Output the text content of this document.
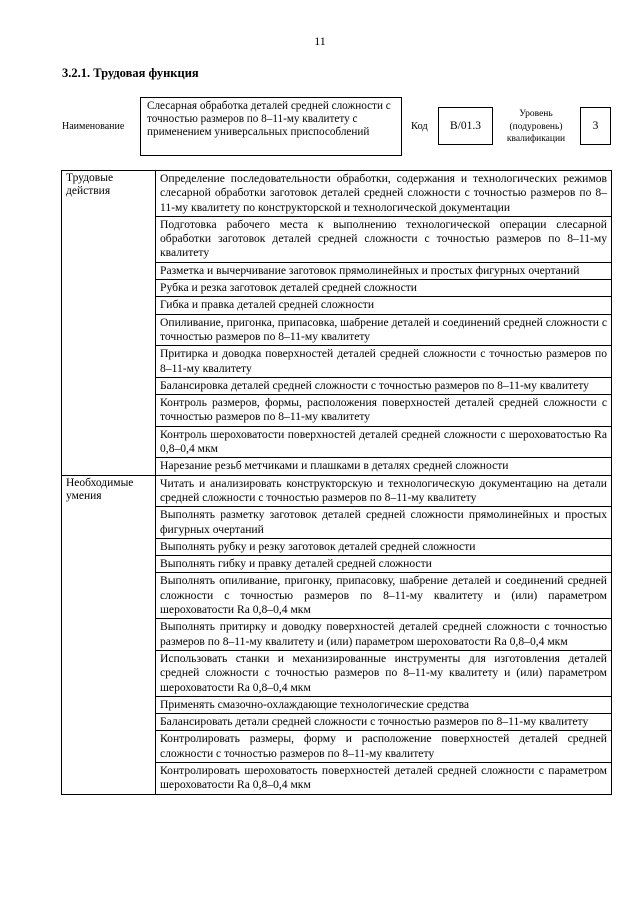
11
3.2.1. Трудовая функция
Наименование
Слесарная обработка деталей средней сложности с точностью размеров по 8–11-му квалитету с применением универсальных приспособлений	Код	B/01.3
Уровень (подуровень) квалификации
3
Трудовые действия
Определение последовательности обработки, содержания и технологических режимов слесарной обработки заготовок деталей средней сложности с точностью размеров по 8–11-му квалитету по конструкторской и технологической документации
Подготовка рабочего места к выполнению технологической операции слесарной обработки заготовок деталей средней сложности с точностью размеров по 8–11-му квалитету
Разметка и вычерчивание заготовок прямолинейных и простых фигурных очертаний
Рубка и резка заготовок деталей средней сложности
Гибка и правка деталей средней сложности
Опиливание, пригонка, припасовка, шабрение деталей и соединений средней сложности с точностью размеров по 8–11-му квалитету
Притирка и доводка поверхностей деталей средней сложности с точностью размеров по 8–11-му квалитету
Балансировка деталей средней сложности с точностью размеров по 8–11-му квалитету
Контроль размеров, формы, расположения поверхностей деталей средней сложности с точностью размеров по 8–11-му квалитету
Контроль шероховатости поверхностей деталей средней сложности с шероховатостью Ra 0,8–0,4 мкм
Нарезание резьб метчиками и плашками в деталях средней сложности
Необходимые умения
Читать и анализировать конструкторскую и технологическую документацию на детали средней сложности с точностью размеров по 8–11-му квалитету
Выполнять разметку заготовок деталей средней сложности прямолинейных и простых фигурных очертаний
Выполнять рубку и резку заготовок деталей средней сложности
Выполнять гибку и правку деталей средней сложности
Выполнять опиливание, пригонку, припасовку, шабрение деталей и соединений средней сложности с точностью размеров по 8–11-му квалитету и (или) параметром шероховатости Ra 0,8–0,4 мкм
Выполнять притирку и доводку поверхностей деталей средней сложности с точностью размеров по 8–11-му квалитету и (или) параметром шероховатости Ra 0,8–0,4 мкм
Использовать станки и механизированные инструменты для изготовления деталей средней сложности с точностью размеров по 8–11-му квалитету и (или) параметром шероховатости Ra 0,8–0,4 мкм
Применять смазочно-охлаждающие технологические средства
Балансировать детали средней сложности с точностью размеров по 8–11-му квалитету
Контролировать размеры, форму и расположение поверхностей деталей средней сложности с точностью размеров по 8–11-му квалитету
Контролировать шероховатость поверхностей деталей средней сложности с параметром шероховатости Ra 0,8–0,4 мкм
